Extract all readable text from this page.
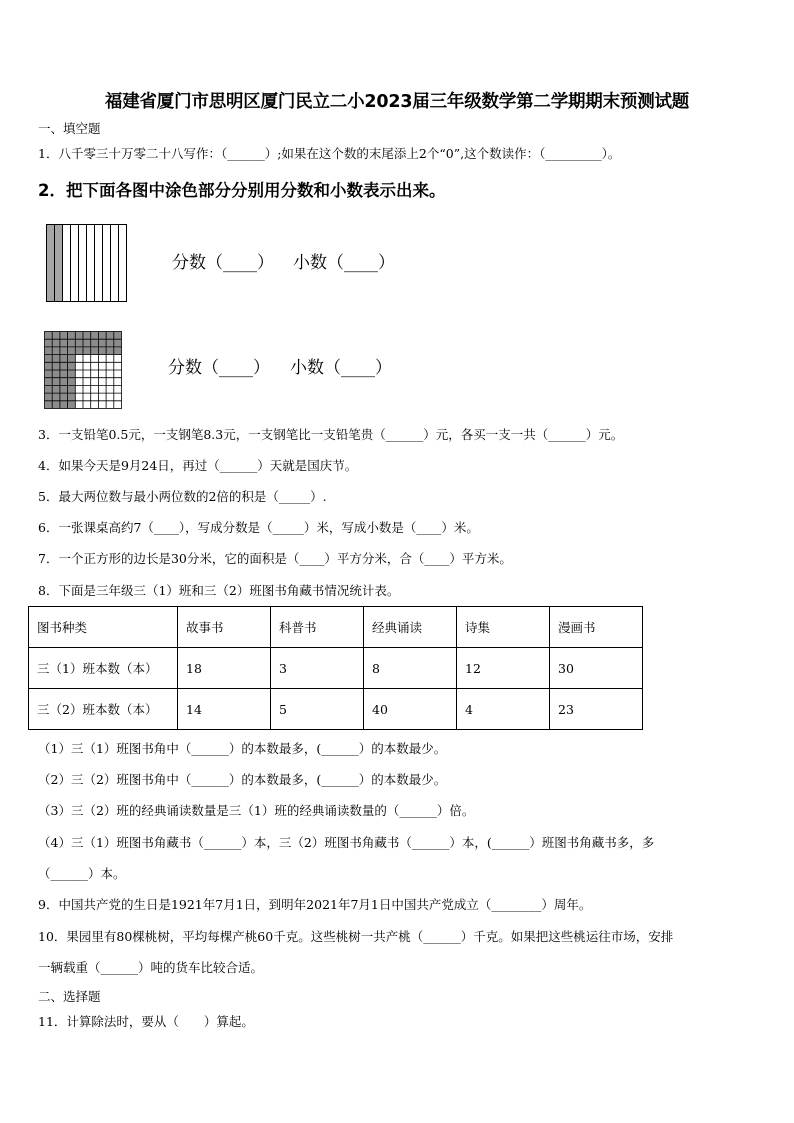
福建省厦门市思明区厦门民立二小2023届三年级数学第二学期期末预测试题
一、填空题
1．八千零三十万零二十八写作：（______）;如果在这个数的末尾添上2个“0”,这个数读作：（_________）。
2．把下面各图中涂色部分分别用分数和小数表示出来。
分数（____） 小数（____）
分数（____） 小数（____）
3．一支铅笔0.5元，一支钢笔8.3元，一支钢笔比一支铅笔贵（______）元，各买一支一共（______）元。
4．如果今天是9月24日，再过（______）天就是国庆节。
5．最大两位数与最小两位数的2倍的积是（_____）.
6．一张课桌高约7（____），写成分数是（_____）米，写成小数是（____）米。
7．一个正方形的边长是30分米，它的面积是（____）平方分米，合（____）平方米。
8．下面是三年级三（1）班和三（2）班图书角藏书情况统计表。
图书种类	故事书	科普书	经典诵读	诗集	漫画书
三（1）班本数（本）	18	3	8	12	30
三（2）班本数（本）	14	5	40	4	23
（1）三（1）班图书角中（______）的本数最多，(______）的本数最少。
（2）三（2）班图书角中（______）的本数最多，(______）的本数最少。
（3）三（2）班的经典诵读数量是三（1）班的经典诵读数量的（______）倍。
（4）三（1）班图书角藏书（______）本，三（2）班图书角藏书（______）本，(______）班图书角藏书多，多
（______）本。
9．中国共产党的生日是1921年7月1日，到明年2021年7月1日中国共产党成立（________）周年。
10．果园里有80棵桃树，平均每棵产桃60千克。这些桃树一共产桃（______）千克。如果把这些桃运往市场，安排
一辆载重（______）吨的货车比较合适。
二、选择题
11．计算除法时，要从（　　）算起。
